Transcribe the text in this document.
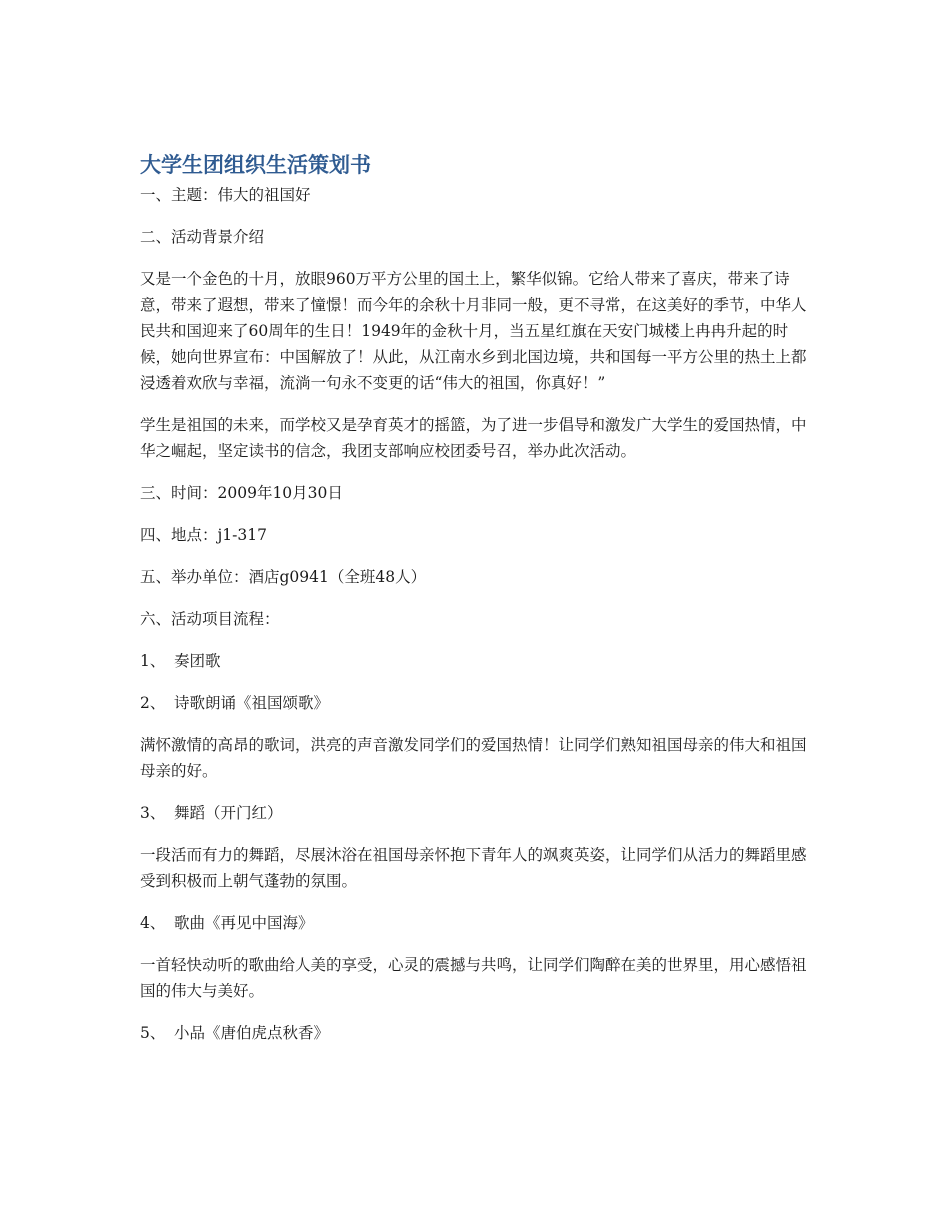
大学生团组织生活策划书

一、主题：伟大的祖国好

二、活动背景介绍

又是一个金色的十月，放眼960万平方公里的国土上，繁华似锦。它给人带来了喜庆，带来了诗意，带来了遐想，带来了憧憬！而今年的余秋十月非同一般，更不寻常，在这美好的季节，中华人民共和国迎来了60周年的生日！1949年的金秋十月，当五星红旗在天安门城楼上冉冉升起的时候，她向世界宣布：中国解放了！从此，从江南水乡到北国边境，共和国每一平方公里的热土上都浸透着欢欣与幸福，流淌一句永不变更的话“伟大的祖国，你真好！”

学生是祖国的未来，而学校又是孕育英才的摇篮，为了进一步倡导和激发广大学生的爱国热情，中华之崛起，坚定读书的信念，我团支部响应校团委号召，举办此次活动。

三、时间：2009年10月30日

四、地点：j1-317

五、举办单位：酒店g0941（全班48人）

六、活动项目流程：

1、 奏团歌
2、 诗歌朗诵《祖国颂歌》

满怀激情的高昂的歌词，洪亮的声音激发同学们的爱国热情！让同学们熟知祖国母亲的伟大和祖国母亲的好。

3、 舞蹈（开门红）

一段活而有力的舞蹈，尽展沐浴在祖国母亲怀抱下青年人的飒爽英姿，让同学们从活力的舞蹈里感受到积极而上朝气蓬勃的氛围。

4、 歌曲《再见中国海》

一首轻快动听的歌曲给人美的享受，心灵的震撼与共鸣，让同学们陶醉在美的世界里，用心感悟祖国的伟大与美好。

5、 小品《唐伯虎点秋香》
